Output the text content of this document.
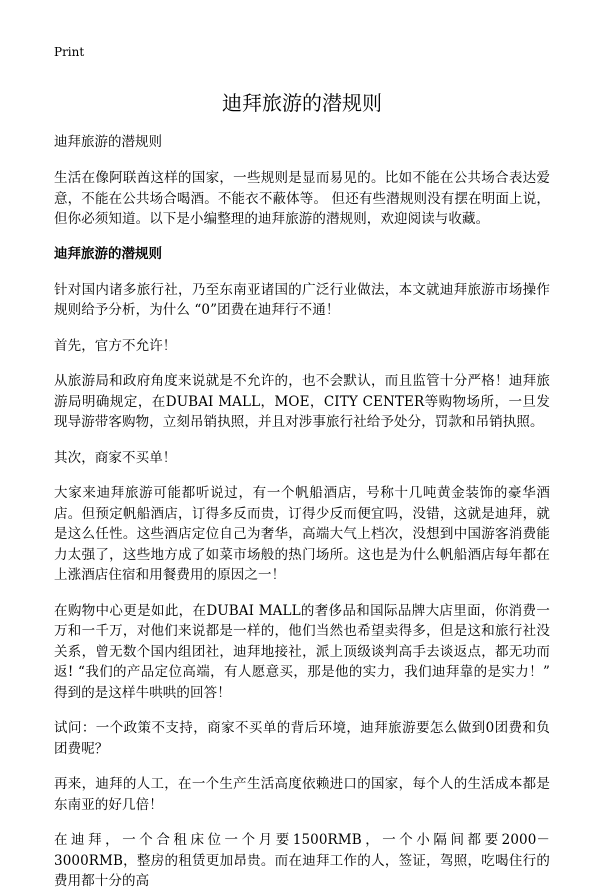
Print
迪拜旅游的潜规则
迪拜旅游的潜规则

生活在像阿联酋这样的国家，一些规则是显而易见的。比如不能在公共场合表达爱意，不能在公共场合喝酒。不能衣不蔽体等。 但还有些潜规则没有摆在明面上说，但你必须知道。以下是小编整理的迪拜旅游的潜规则，欢迎阅读与收藏。

迪拜旅游的潜规则

针对国内诸多旅行社，乃至东南亚诸国的广泛行业做法，本文就迪拜旅游市场操作规则给予分析，为什么 “0”团费在迪拜行不通！

首先，官方不允许！

从旅游局和政府角度来说就是不允许的，也不会默认，而且监管十分严格！迪拜旅游局明确规定，在DUBAI MALL，MOE，CITY CENTER等购物场所，一旦发现导游带客购物，立刻吊销执照，并且对涉事旅行社给予处分，罚款和吊销执照。

其次，商家不买单！

大家来迪拜旅游可能都听说过，有一个帆船酒店，号称十几吨黄金装饰的豪华酒店。但预定帆船酒店，订得多反而贵，订得少反而便宜吗，没错，这就是迪拜，就是这么任性。这些酒店定位自己为奢华，高端大气上档次，没想到中国游客消费能力太强了，这些地方成了如菜市场般的热门场所。这也是为什么帆船酒店每年都在上涨酒店住宿和用餐费用的原因之一！

在购物中心更是如此，在DUBAI MALL的奢侈品和国际品牌大店里面，你消费一万和一千万，对他们来说都是一样的，他们当然也希望卖得多，但是这和旅行社没关系，曾无数个国内组团社，迪拜地接社，派上顶级谈判高手去谈返点，都无功而返! “我们的产品定位高端，有人愿意买，那是他的实力，我们迪拜靠的是实力！” 得到的是这样牛哄哄的回答！

试问：一个政策不支持，商家不买单的背后环境，迪拜旅游要怎么做到0团费和负团费呢？

再来，迪拜的人工，在一个生产生活高度依赖进口的国家，每个人的生活成本都是东南亚的好几倍！

在迪拜，一个合租床位一个月要1500RMB，一个小隔间都要2000－3000RMB，整房的租赁更加昂贵。而在迪拜工作的人，签证，驾照，吃喝住行的费用都十分的高
